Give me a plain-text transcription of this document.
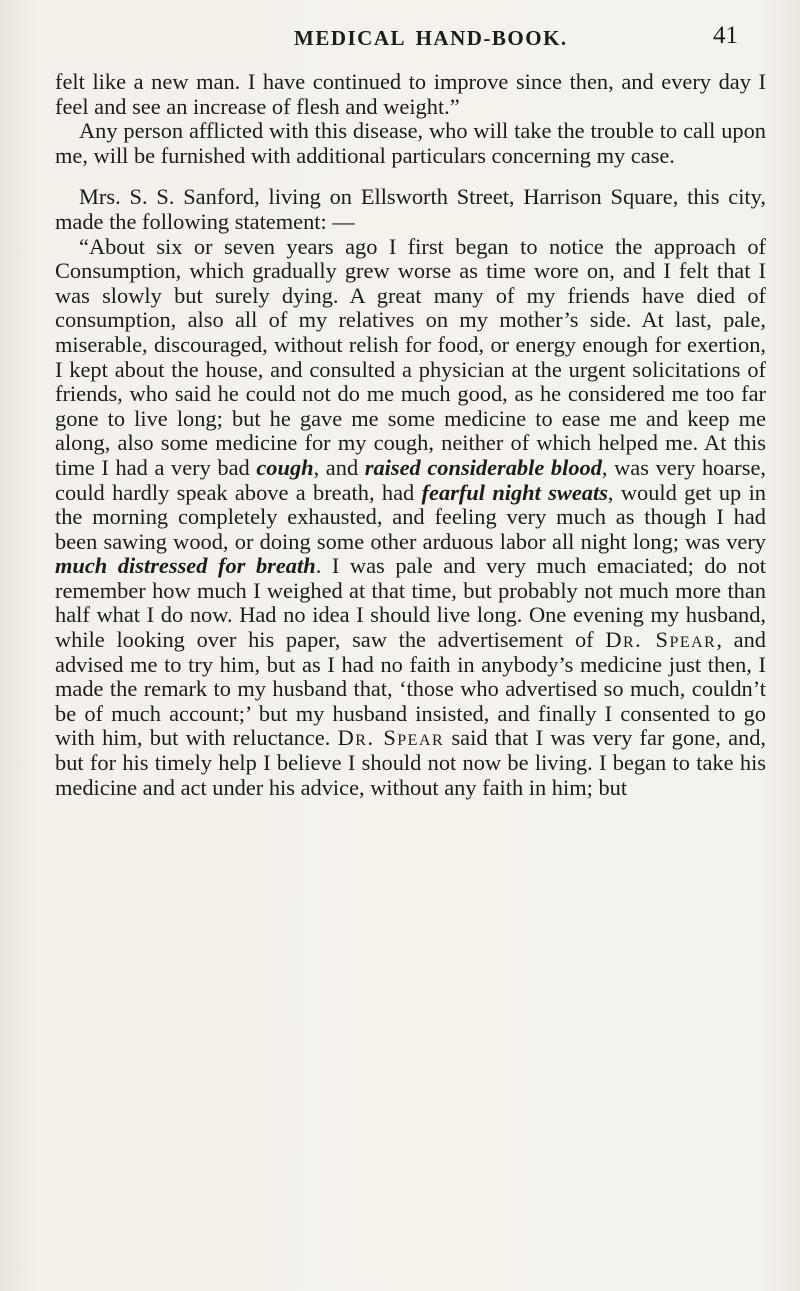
MEDICAL HAND-BOOK.	41

felt like a new man. I have continued to improve since then, and every day I feel and see an increase of flesh and weight.”

Any person afflicted with this disease, who will take the trouble to call upon me, will be furnished with additional particulars concerning my case.

Mrs. S. S. Sanford, living on Ellsworth Street, Harrison Square, this city, made the following statement: —

“About six or seven years ago I first began to notice the approach of Consumption, which gradually grew worse as time wore on, and I felt that I was slowly but surely dying. A great many of my friends have died of consumption, also all of my relatives on my mother’s side. At last, pale, miserable, discouraged, without relish for food, or energy enough for exertion, I kept about the house, and consulted a physician at the urgent solicitations of friends, who said he could not do me much good, as he considered me too far gone to live long; but he gave me some medicine to ease me and keep me along, also some medicine for my cough, neither of which helped me. At this time I had a very bad cough, and raised considerable blood, was very hoarse, could hardly speak above a breath, had fearful night sweats, would get up in the morning completely exhausted, and feeling very much as though I had been sawing wood, or doing some other arduous labor all night long; was very much distressed for breath. I was pale and very much emaciated; do not remember how much I weighed at that time, but probably not much more than half what I do now. Had no idea I should live long. One evening my husband, while looking over his paper, saw the advertisement of Dr. Spear, and advised me to try him, but as I had no faith in anybody’s medicine just then, I made the remark to my husband that, ‘those who advertised so much, couldn’t be of much account;’ but my husband insisted, and finally I consented to go with him, but with reluctance. Dr. Spear said that I was very far gone, and, but for his timely help I believe I should not now be living. I began to take his medicine and act under his advice, without any faith in him; but
